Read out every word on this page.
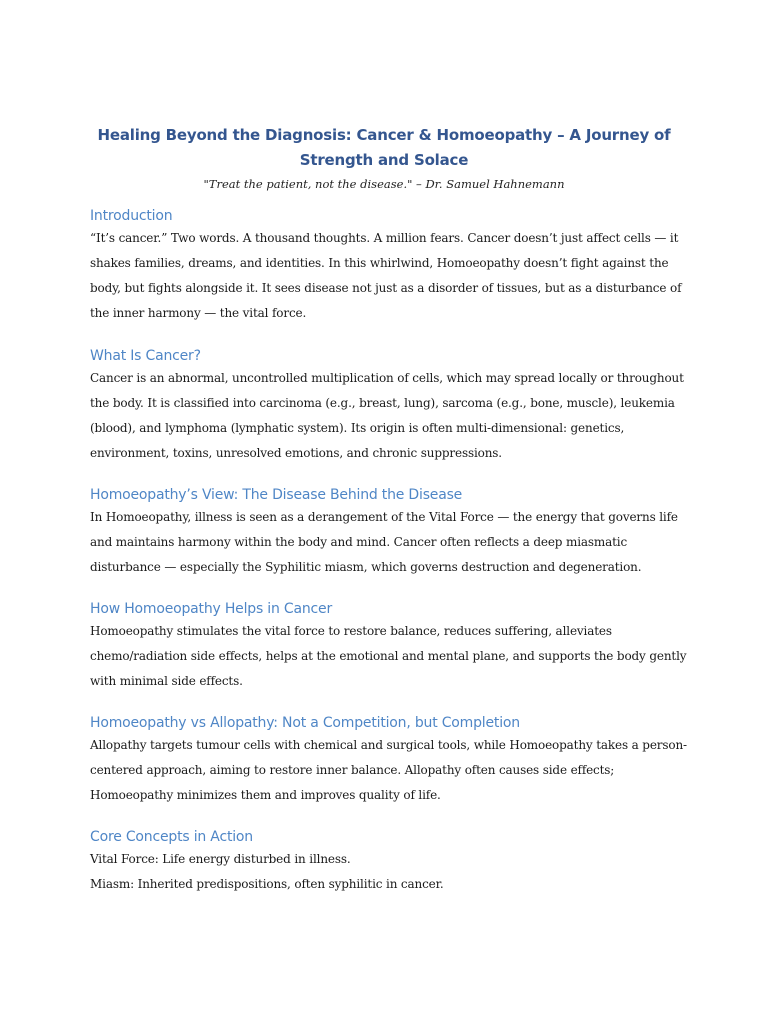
Healing Beyond the Diagnosis: Cancer & Homoeopathy – A Journey of Strength and Solace
"Treat the patient, not the disease." – Dr. Samuel Hahnemann
Introduction
“It’s cancer.” Two words. A thousand thoughts. A million fears. Cancer doesn’t just affect cells — it shakes families, dreams, and identities. In this whirlwind, Homoeopathy doesn’t fight against the body, but fights alongside it. It sees disease not just as a disorder of tissues, but as a disturbance of the inner harmony — the vital force.
What Is Cancer?
Cancer is an abnormal, uncontrolled multiplication of cells, which may spread locally or throughout the body. It is classified into carcinoma (e.g., breast, lung), sarcoma (e.g., bone, muscle), leukemia (blood), and lymphoma (lymphatic system). Its origin is often multi-dimensional: genetics, environment, toxins, unresolved emotions, and chronic suppressions.
Homoeopathy’s View: The Disease Behind the Disease
In Homoeopathy, illness is seen as a derangement of the Vital Force — the energy that governs life and maintains harmony within the body and mind. Cancer often reflects a deep miasmatic disturbance — especially the Syphilitic miasm, which governs destruction and degeneration.
How Homoeopathy Helps in Cancer
Homoeopathy stimulates the vital force to restore balance, reduces suffering, alleviates chemo/radiation side effects, helps at the emotional and mental plane, and supports the body gently with minimal side effects.
Homoeopathy vs Allopathy: Not a Competition, but Completion
Allopathy targets tumour cells with chemical and surgical tools, while Homoeopathy takes a person-centered approach, aiming to restore inner balance. Allopathy often causes side effects; Homoeopathy minimizes them and improves quality of life.
Core Concepts in Action
Vital Force: Life energy disturbed in illness.
Miasm: Inherited predispositions, often syphilitic in cancer.
